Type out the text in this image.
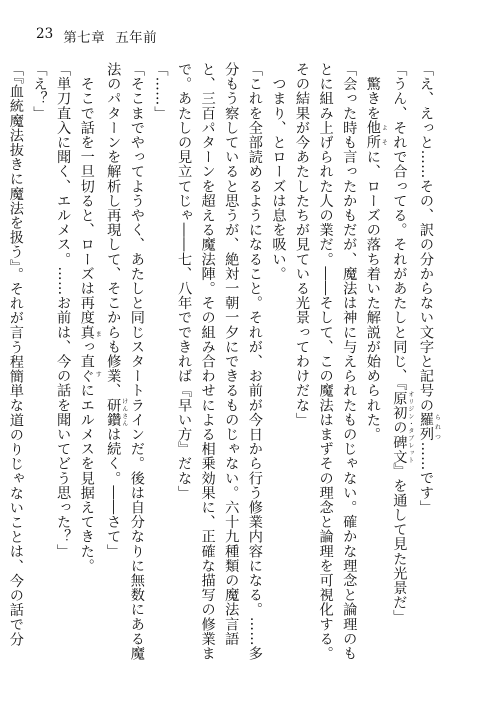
23 第七章 五年前
「え、えっと……その、訳の分からない文字と記号の羅列 られつ……です」
「うん、それで合ってる。それがあたしと同じ、『原初の碑文 オリジン・タブレット』を通して見た光景だ」
　驚きを他所 よそに、ローズの落ち着いた解説が始められた。
「会った時も言ったかもだが、魔法は神に与えられたものじゃない。確かな理念と論理のもとに組み上げられた人の業だ。――そして、この魔法はまずその理念と論理を可視化する。その結果が今あたしたちが見ている光景ってわけだな」
　つまり、とローズは息を吸い。
「これを全部読めるようになること。それが、お前が今日から行う修業内容になる。……多分もう察していると思うが、絶対一朝一夕にできるものじゃない。六十九種類の魔法言語と、三百パターンを超える魔法陣。その組み合わせによる相乗効果に、正確な描写の修業まで。あたしの見立てじゃ――七、八年でできれば『早い方』だな」
「……」
「そこまでやってようやく、あたしと同じスタートラインだ。後は自分なりに無数にある魔法のパターンを解析し再現して、そこからも修業、研鑽 けんさんは続く。――さて」
　そこで話を一旦切ると、ローズは再度真っ直ぐ ますにエルメスを見据えてきた。
「単刀直入に聞く、エルメス。……お前は、今の話を聞いてどう思った？」
「え？」
「『血統魔法抜きに魔法を扱う』。それが言う程簡単な道のりじゃないことは、今の話で分
